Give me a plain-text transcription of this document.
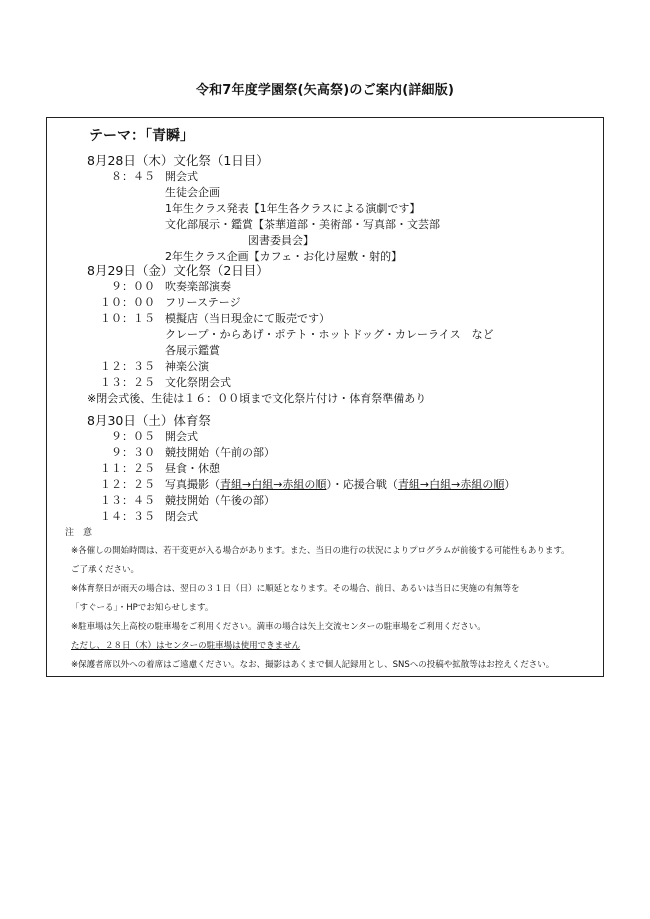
令和7年度学園祭(矢高祭)のご案内(詳細版)
テーマ：「青瞬」
8月28日（木）文化祭（1日目）
８：４５ 開会式
生徒会企画
1年生クラス発表【1年生各クラスによる演劇です】
文化部展示・鑑賞【茶華道部・美術部・写真部・文芸部
図書委員会】
2年生クラス企画【カフェ・お化け屋敷・射的】
8月29日（金）文化祭（2日目）
９：００ 吹奏楽部演奏
１０：００ フリーステージ
１０：１５ 模擬店（当日現金にて販売です）
クレープ・からあげ・ポテト・ホットドッグ・カレーライス　など
各展示鑑賞
１２：３５ 神楽公演
１３：２５ 文化祭閉会式
※閉会式後、生徒は１６：００頃まで文化祭片付け・体育祭準備あり
8月30日（土）体育祭
９：０５ 開会式
９：３０ 競技開始（午前の部）
１１：２５ 昼食・休憩
１２：２５ 写真撮影（青組→白組→赤組の順）・応援合戦（青組→白組→赤組の順）
１３：４５ 競技開始（午後の部）
１４：３５ 閉会式
注　意
※各催しの開始時間は、若干変更が入る場合があります。また、当日の進行の状況によりプログラムが前後する可能性もあります。
ご了承ください。
※体育祭日が雨天の場合は、翌日の３１日（日）に順延となります。その場合、前日、あるいは当日に実施の有無等を
「すぐーる」・HPでお知らせします。
※駐車場は矢上高校の駐車場をご利用ください。満車の場合は矢上交流センターの駐車場をご利用ください。
ただし、２８日（木）はセンターの駐車場は使用できません
※保護者席以外への着席はご遠慮ください。なお、撮影はあくまで個人記録用とし、SNSへの投稿や拡散等はお控えください。
